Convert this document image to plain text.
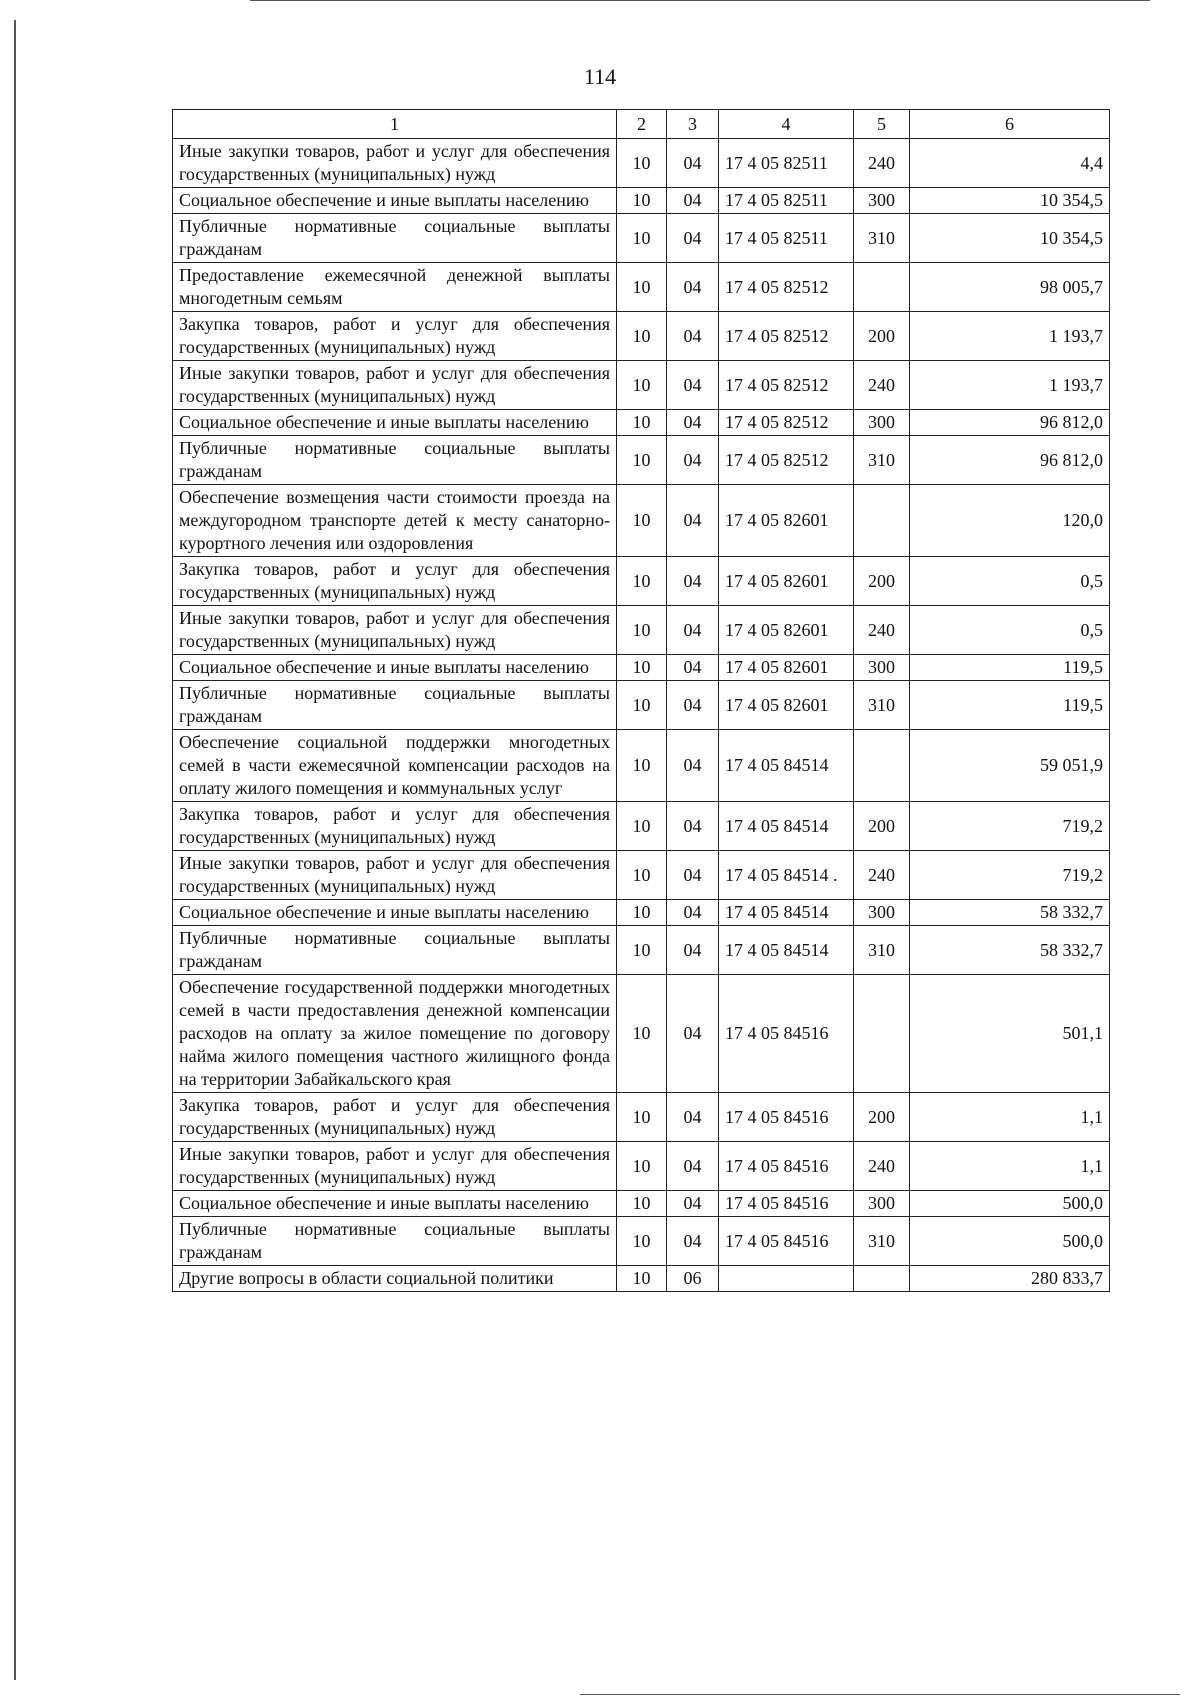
114
1	2	3	4	5	6
Иные закупки товаров, работ и услуг для обеспечения государственных (муниципальных) нужд	10	04	17 4 05 82511	240	4,4
Социальное обеспечение и иные выплаты населению	10	04	17 4 05 82511	300	10 354,5
Публичные нормативные социальные выплаты гражданам	10	04	17 4 05 82511	310	10 354,5
Предоставление ежемесячной денежной выплаты многодетным семьям	10	04	17 4 05 82512		98 005,7
Закупка товаров, работ и услуг для обеспечения государственных (муниципальных) нужд	10	04	17 4 05 82512	200	1 193,7
Иные закупки товаров, работ и услуг для обеспечения государственных (муниципальных) нужд	10	04	17 4 05 82512	240	1 193,7
Социальное обеспечение и иные выплаты населению	10	04	17 4 05 82512	300	96 812,0
Публичные нормативные социальные выплаты гражданам	10	04	17 4 05 82512	310	96 812,0
Обеспечение возмещения части стоимости проезда на междугородном транспорте детей к месту санаторно-курортного лечения или оздоровления	10	04	17 4 05 82601		120,0
Закупка товаров, работ и услуг для обеспечения государственных (муниципальных) нужд	10	04	17 4 05 82601	200	0,5
Иные закупки товаров, работ и услуг для обеспечения государственных (муниципальных) нужд	10	04	17 4 05 82601	240	0,5
Социальное обеспечение и иные выплаты населению	10	04	17 4 05 82601	300	119,5
Публичные нормативные социальные выплаты гражданам	10	04	17 4 05 82601	310	119,5
Обеспечение социальной поддержки многодетных семей в части ежемесячной компенсации расходов на оплату жилого помещения и коммунальных услуг	10	04	17 4 05 84514		59 051,9
Закупка товаров, работ и услуг для обеспечения государственных (муниципальных) нужд	10	04	17 4 05 84514	200	719,2
Иные закупки товаров, работ и услуг для обеспечения государственных (муниципальных) нужд	10	04	17 4 05 84514 .	240	719,2
Социальное обеспечение и иные выплаты населению	10	04	17 4 05 84514	300	58 332,7
Публичные нормативные социальные выплаты гражданам	10	04	17 4 05 84514	310	58 332,7
Обеспечение государственной поддержки многодетных семей в части предоставления денежной компенсации расходов на оплату за жилое помещение по договору найма жилого помещения частного жилищного фонда на территории Забайкальского края	10	04	17 4 05 84516		501,1
Закупка товаров, работ и услуг для обеспечения государственных (муниципальных) нужд	10	04	17 4 05 84516	200	1,1
Иные закупки товаров, работ и услуг для обеспечения государственных (муниципальных) нужд	10	04	17 4 05 84516	240	1,1
Социальное обеспечение и иные выплаты населению	10	04	17 4 05 84516	300	500,0
Публичные нормативные социальные выплаты гражданам	10	04	17 4 05 84516	310	500,0
Другие вопросы в области социальной политики	10	06			280 833,7
